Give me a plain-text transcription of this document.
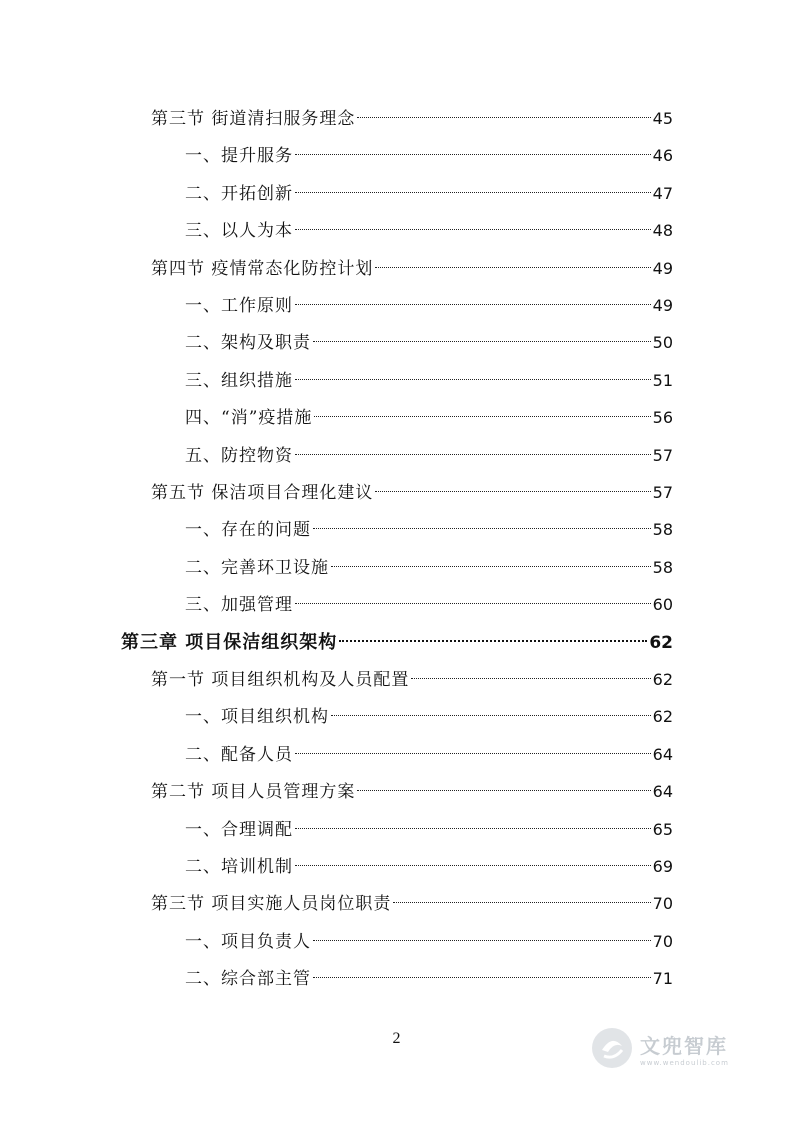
第三节 街道清扫服务理念	45
一、提升服务	46
二、开拓创新	47
三、以人为本	48
第四节 疫情常态化防控计划	49
一、工作原则	49
二、架构及职责	50
三、组织措施	51
四、“消”疫措施	56
五、防控物资	57
第五节 保洁项目合理化建议	57
一、存在的问题	58
二、完善环卫设施	58
三、加强管理	60
第三章 项目保洁组织架构	62
第一节 项目组织机构及人员配置	62
一、项目组织机构	62
二、配备人员	64
第二节 项目人员管理方案	64
一、合理调配	65
二、培训机制	69
第三节 项目实施人员岗位职责	70
一、项目负责人	70
二、综合部主管	71
2	文兜智库
www.wendoulib.com
